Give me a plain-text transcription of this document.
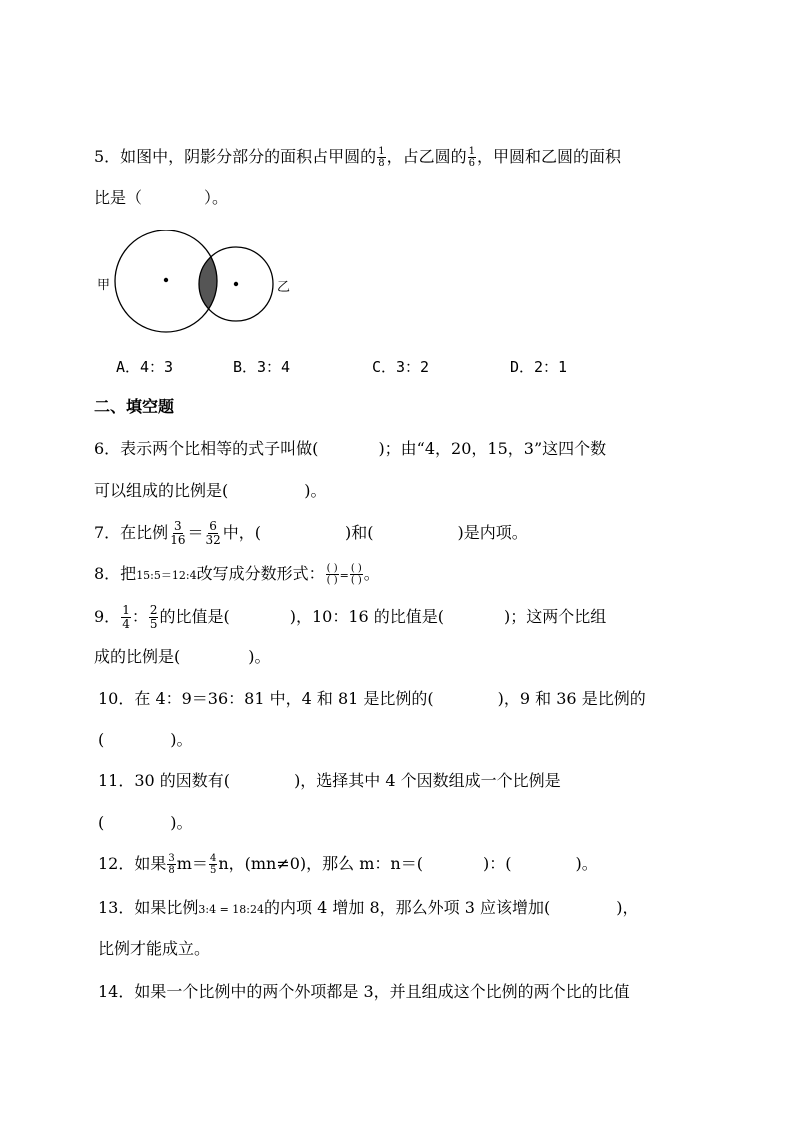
5．如图中，阴影分部分的面积占甲圆的 $\frac{1}{8}$ ，占乙圆的 $\frac{1}{6}$ ，甲圆和乙圆的面积
比是（	）。
甲	乙
A．4：3	B．3：4	C．3：2	D．2：1
二、填空题
6．表示两个比相等的式子叫做(	)；由“4，20，15，3”这四个数
可以组成的比例是(	)。
7．在比例 $\frac{3}{16} = \frac{6}{32}$ 中，(	)和(	)是内项。
8．把15:5＝12:4改写成分数形式： $\frac{( )}{( )} = \frac{( )}{( )}$ 。
9． $\frac{1}{4}$ ： $\frac{2}{5}$ 的比值是(	)，10：16 的比值是(	)；这两个比组
成的比例是(	)。
10．在 4：9＝36：81 中，4 和 81 是比例的(	)，9 和 36 是比例的
(	)。
11．30 的因数有(	)，选择其中 4 个因数组成一个比例是
(	)。
12．如果 $\frac{3}{8} m= \frac{4}{5}$ n，(mn≠0)，那么 m：n＝(	)：(	)。
13．如果比例3:4 = 18:24的内项 4 增加 8，那么外项 3 应该增加(	)，
比例才能成立。
14．如果一个比例中的两个外项都是 3，并且组成这个比例的两个比的比值
